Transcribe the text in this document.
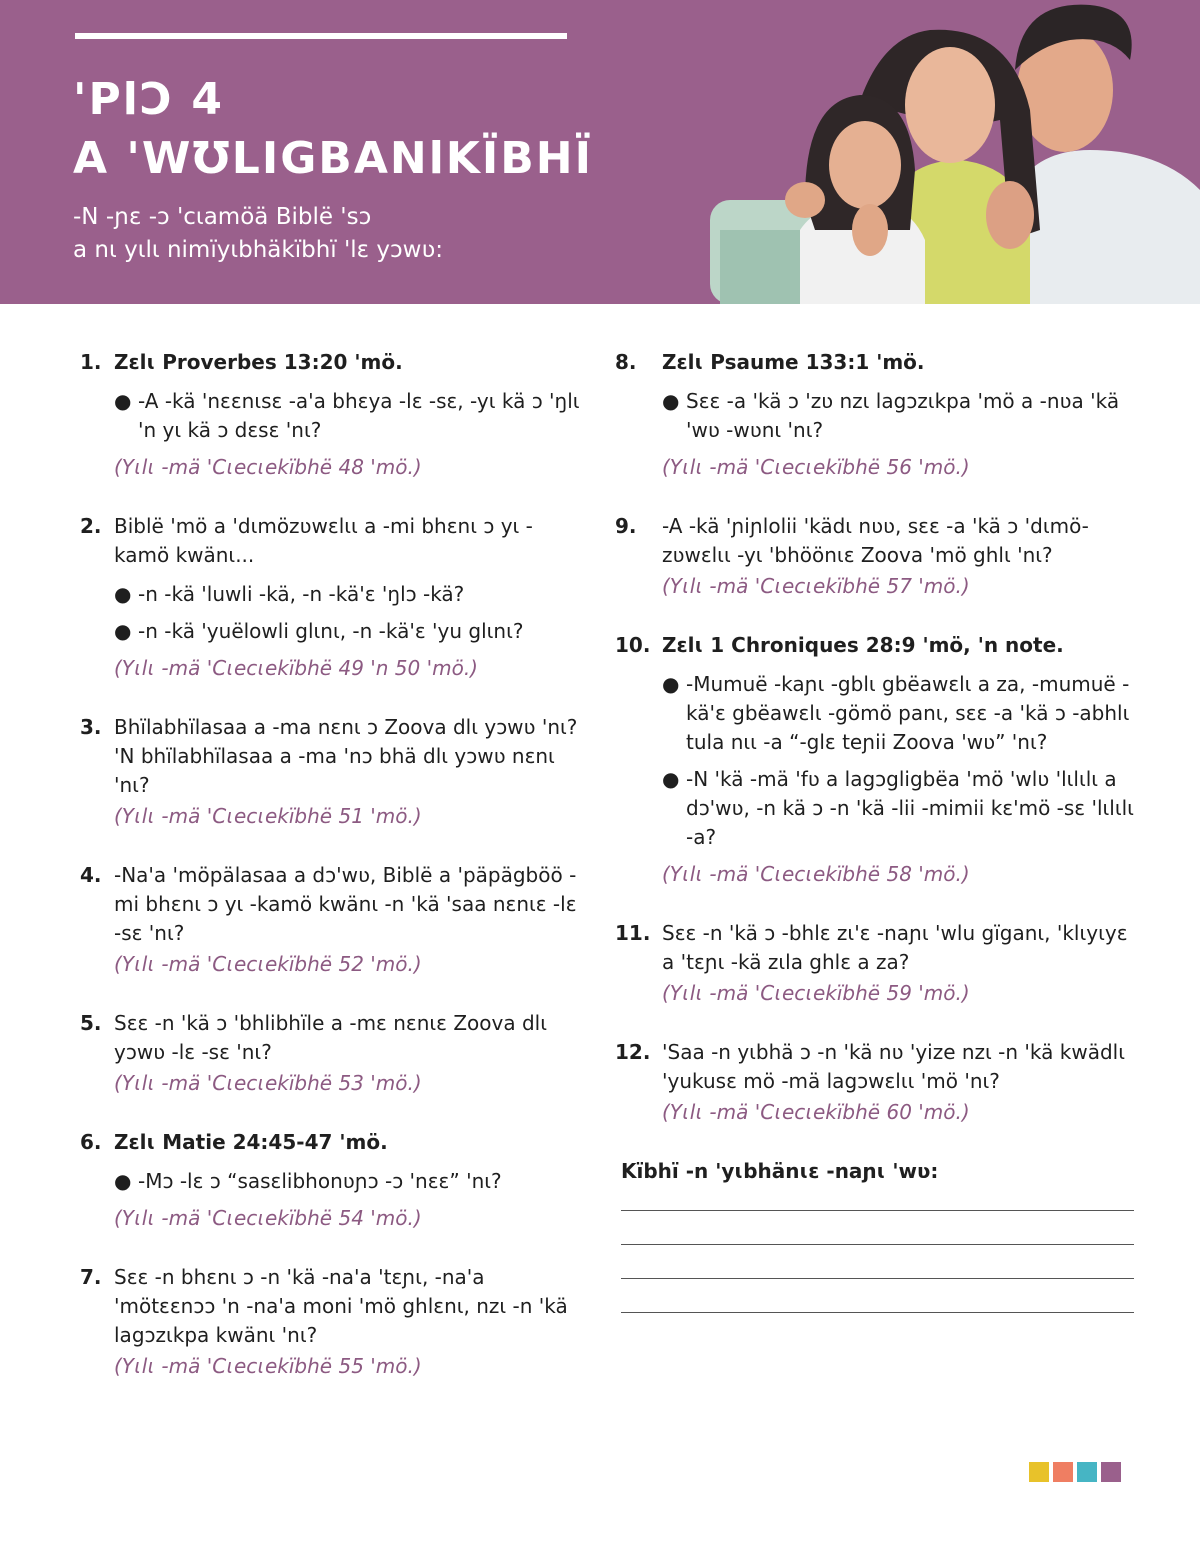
'PlƆ 4
A 'WƱLIGBANlKÏBHÏ

-N -ɲɛ -ɔ 'cɩamöä Biblë 'sɔ
a nɩ yɩlɩ nimïyɩbhäkïbhï 'lɛ yɔwʋ:

1. Zɛlɩ Proverbes 13:20 'mö.
● -A -kä 'nɛɛnɩsɛ -a'a bhɛya -lɛ -sɛ, -yɩ kä ɔ 'ŋlɩ 'n yɩ kä ɔ dɛsɛ 'nɩ?
(Yɩlɩ -mä 'Cɩecɩekïbhë 48 'mö.)
2. Biblë 'mö a 'dɩmözʋwɛlɩɩ a -mi bhɛnɩ ɔ yɩ -kamö kwänɩ...
● -n -kä 'luwli -kä, -n -kä'ɛ 'ŋlɔ -kä?
● -n -kä 'yuëlowli glɩnɩ, -n -kä'ɛ 'yu glɩnɩ?
(Yɩlɩ -mä 'Cɩecɩekïbhë 49 'n 50 'mö.)
3. Bhïlabhïlasaa a -ma nɛnɩ ɔ Zoova dlɩ yɔwʋ 'nɩ? 'N bhïlabhïlasaa a -ma 'nɔ bhä dlɩ yɔwʋ nɛnɩ 'nɩ?
(Yɩlɩ -mä 'Cɩecɩekïbhë 51 'mö.)
4. -Na'a 'möpälasaa a dɔ'wʋ, Biblë a 'päpägböö -mi bhɛnɩ ɔ yɩ -kamö kwänɩ -n 'kä 'saa nɛnɩɛ -lɛ -sɛ 'nɩ?
(Yɩlɩ -mä 'Cɩecɩekïbhë 52 'mö.)
5. Sɛɛ -n 'kä ɔ 'bhlibhïle a -mɛ nɛnɩɛ Zoova dlɩ yɔwʋ -lɛ -sɛ 'nɩ?
(Yɩlɩ -mä 'Cɩecɩekïbhë 53 'mö.)
6. Zɛlɩ Matie 24:45-47 'mö.
● -Mɔ -lɛ ɔ “sasɛlibhonʋɲɔ -ɔ 'nɛɛ” 'nɩ?
(Yɩlɩ -mä 'Cɩecɩekïbhë 54 'mö.)
7. Sɛɛ -n bhɛnɩ ɔ -n 'kä -na'a 'tɛɲɩ, -na'a 'mötɛɛnɔɔ 'n -na'a moni 'mö ghlɛnɩ, nzɩ -n 'kä lagɔzɩkpa kwänɩ 'nɩ?
(Yɩlɩ -mä 'Cɩecɩekïbhë 55 'mö.)
8. Zɛlɩ Psaume 133:1 'mö.
● Sɛɛ -a 'kä ɔ 'zʋ nzɩ lagɔzɩkpa 'mö a -nʋa 'kä 'wʋ -wʋnɩ 'nɩ?
(Yɩlɩ -mä 'Cɩecɩekïbhë 56 'mö.)
9. -A -kä 'ɲiɲlolii 'kädɩ nʋʋ, sɛɛ -a 'kä ɔ 'dɩmö-zʋwɛlɩɩ -yɩ 'bhöönɩɛ Zoova 'mö ghlɩ 'nɩ?
(Yɩlɩ -mä 'Cɩecɩekïbhë 57 'mö.)
10. Zɛlɩ 1 Chroniques 28:9 'mö, 'n note.
● -Mumuë -kaɲɩ -gblɩ gbëawɛlɩ a za, -mumuë -kä'ɛ gbëawɛlɩ -gömö panɩ, sɛɛ -a 'kä ɔ -abhlɩ tula nɩɩ -a “-glɛ teɲii Zoova 'wʋ” 'nɩ?
● -N 'kä -mä 'fʋ a lagɔgligbëa 'mö 'wlʋ 'lɩlɩlɩ a dɔ'wʋ, -n kä ɔ -n 'kä -lii -mimii kɛ'mö -sɛ 'lɩlɩlɩ -a?
(Yɩlɩ -mä 'Cɩecɩekïbhë 58 'mö.)
11. Sɛɛ -n 'kä ɔ -bhlɛ zɩ'ɛ -naɲɩ 'wlu gïganɩ, 'klɩyɩyɛ a 'tɛɲɩ -kä zɩla ghlɛ a za?
(Yɩlɩ -mä 'Cɩecɩekïbhë 59 'mö.)
12. 'Saa -n yɩbhä ɔ -n 'kä nʋ 'yize nzɩ -n 'kä kwädlɩ 'yukusɛ mö -mä lagɔwɛlɩɩ 'mö 'nɩ?
(Yɩlɩ -mä 'Cɩecɩekïbhë 60 'mö.)
Kïbhï -n 'yɩbhänɩɛ -naɲɩ 'wʋ:
